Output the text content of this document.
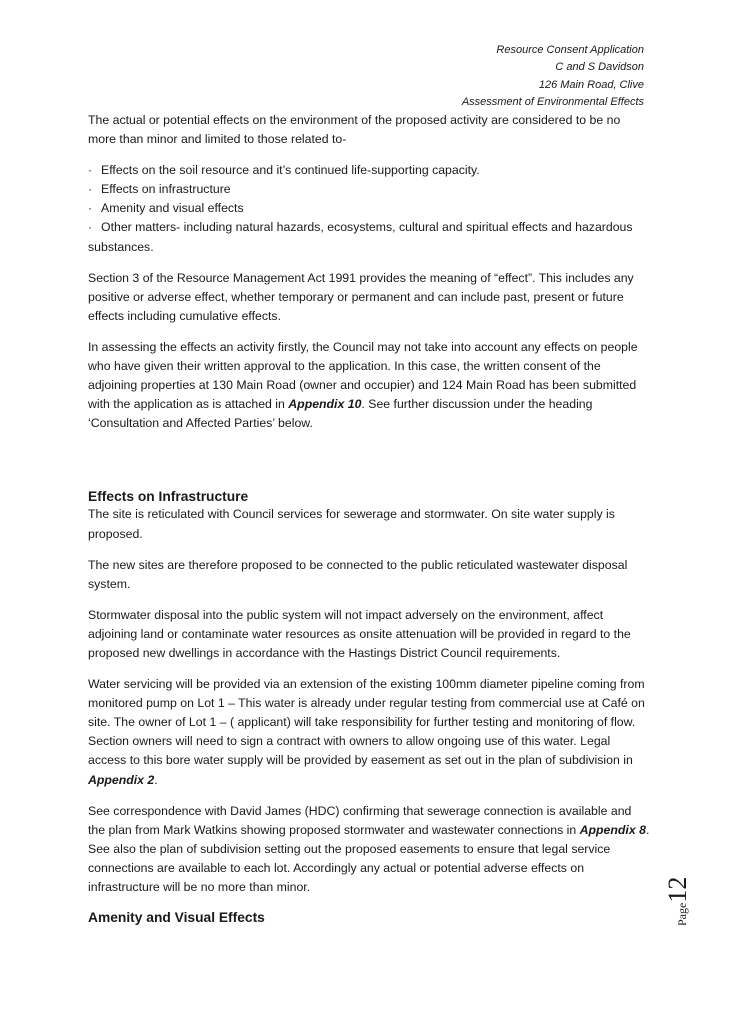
Resource Consent Application
C and S Davidson
126 Main Road, Clive
Assessment of Environmental Effects

The actual or potential effects on the environment of the proposed activity are considered to be no more than minor and limited to those related to-

· Effects on the soil resource and it’s continued life-supporting capacity.
· Effects on infrastructure
· Amenity and visual effects
· Other matters- including natural hazards, ecosystems, cultural and spiritual effects and hazardous substances.

Section 3 of the Resource Management Act 1991 provides the meaning of “effect”. This includes any positive or adverse effect, whether temporary or permanent and can include past, present or future effects including cumulative effects.

In assessing the effects an activity firstly, the Council may not take into account any effects on people who have given their written approval to the application. In this case, the written consent of the adjoining properties at 130 Main Road (owner and occupier) and 124 Main Road has been submitted with the application as is attached in Appendix 10. See further discussion under the heading ‘Consultation and Affected Parties’ below.

Effects on Infrastructure

The site is reticulated with Council services for sewerage and stormwater. On site water supply is proposed.

The new sites are therefore proposed to be connected to the public reticulated wastewater disposal system.

Stormwater disposal into the public system will not impact adversely on the environment, affect adjoining land or contaminate water resources as onsite attenuation will be provided in regard to the proposed new dwellings in accordance with the Hastings District Council requirements.

Water servicing will be provided via an extension of the existing 100mm diameter pipeline coming from monitored pump on Lot 1 – This water is already under regular testing from commercial use at Café on site. The owner of Lot 1 – ( applicant) will take responsibility for further testing and monitoring of flow. Section owners will need to sign a contract with owners to allow ongoing use of this water. Legal access to this bore water supply will be provided by easement as set out in the plan of subdivision in Appendix 2.

See correspondence with David James (HDC) confirming that sewerage connection is available and the plan from Mark Watkins showing proposed stormwater and wastewater connections in Appendix 8. See also the plan of subdivision setting out the proposed easements to ensure that legal service connections are available to each lot. Accordingly any actual or potential adverse effects on infrastructure will be no more than minor.

Amenity and Visual Effects	Page12
